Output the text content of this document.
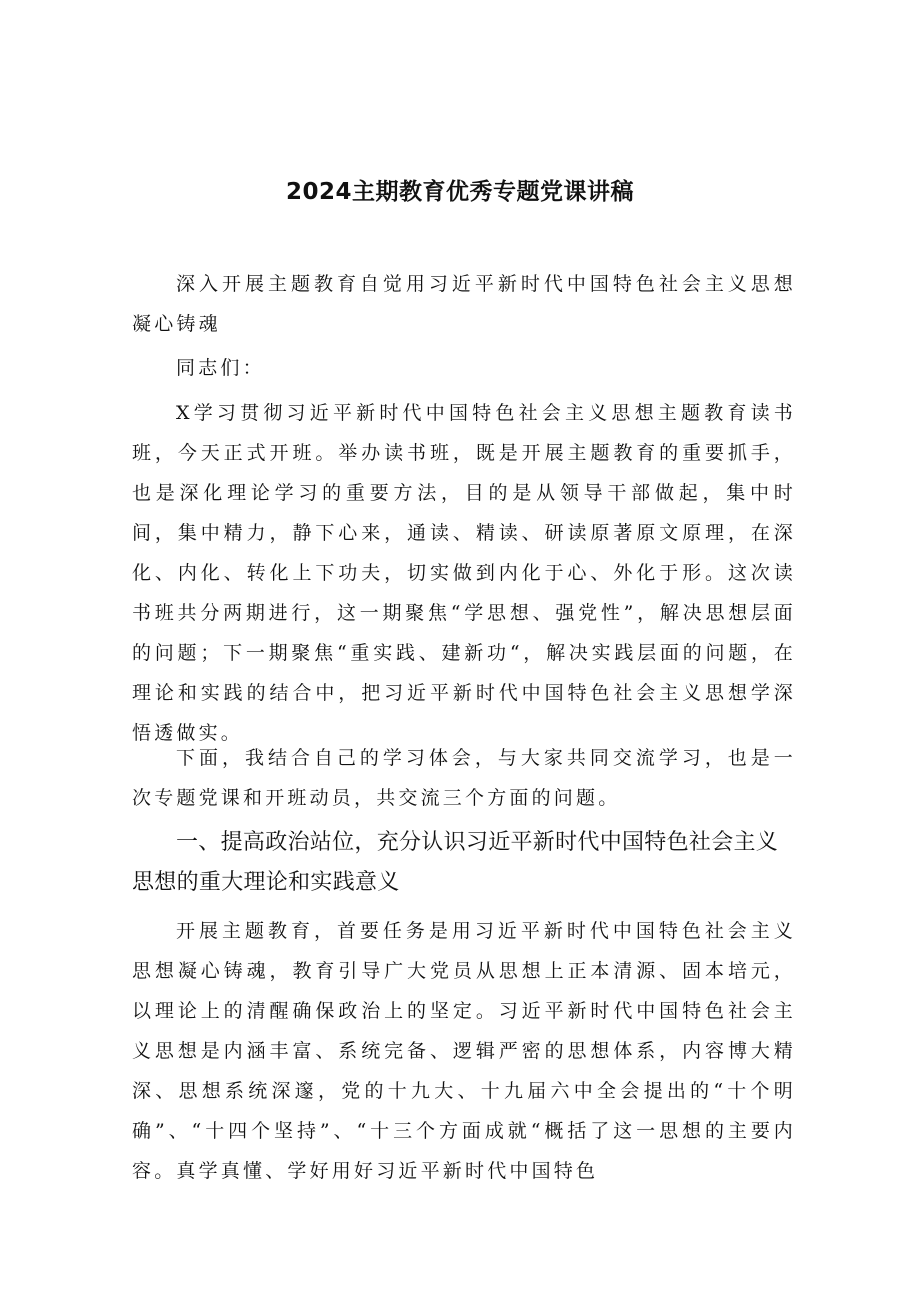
2024主期教育优秀专题党课讲稿
深入开展主题教育自觉用习近平新时代中国特色社会主义思想凝心铸魂
同志们：
X学习贯彻习近平新时代中国特色社会主义思想主题教育读书班，今天正式开班。举办读书班，既是开展主题教育的重要抓手，也是深化理论学习的重要方法，目的是从领导干部做起，集中时间，集中精力，静下心来，通读、精读、研读原著原文原理，在深化、内化、转化上下功夫，切实做到内化于心、外化于形。这次读书班共分两期进行，这一期聚焦“学思想、强党性”，解决思想层面的问题；下一期聚焦“重实践、建新功“，解决实践层面的问题，在理论和实践的结合中，把习近平新时代中国特色社会主义思想学深悟透做实。
下面，我结合自己的学习体会，与大家共同交流学习，也是一次专题党课和开班动员，共交流三个方面的问题。
一、提高政治站位，充分认识习近平新时代中国特色社会主义思想的重大理论和实践意义
开展主题教育，首要任务是用习近平新时代中国特色社会主义思想凝心铸魂，教育引导广大党员从思想上正本清源、固本培元，以理论上的清醒确保政治上的坚定。习近平新时代中国特色社会主义思想是内涵丰富、系统完备、逻辑严密的思想体系，内容博大精深、思想系统深邃，党的十九大、十九届六中全会提出的“十个明确”、“十四个坚持”、“十三个方面成就“概括了这一思想的主要内容。真学真懂、学好用好习近平新时代中国特色
